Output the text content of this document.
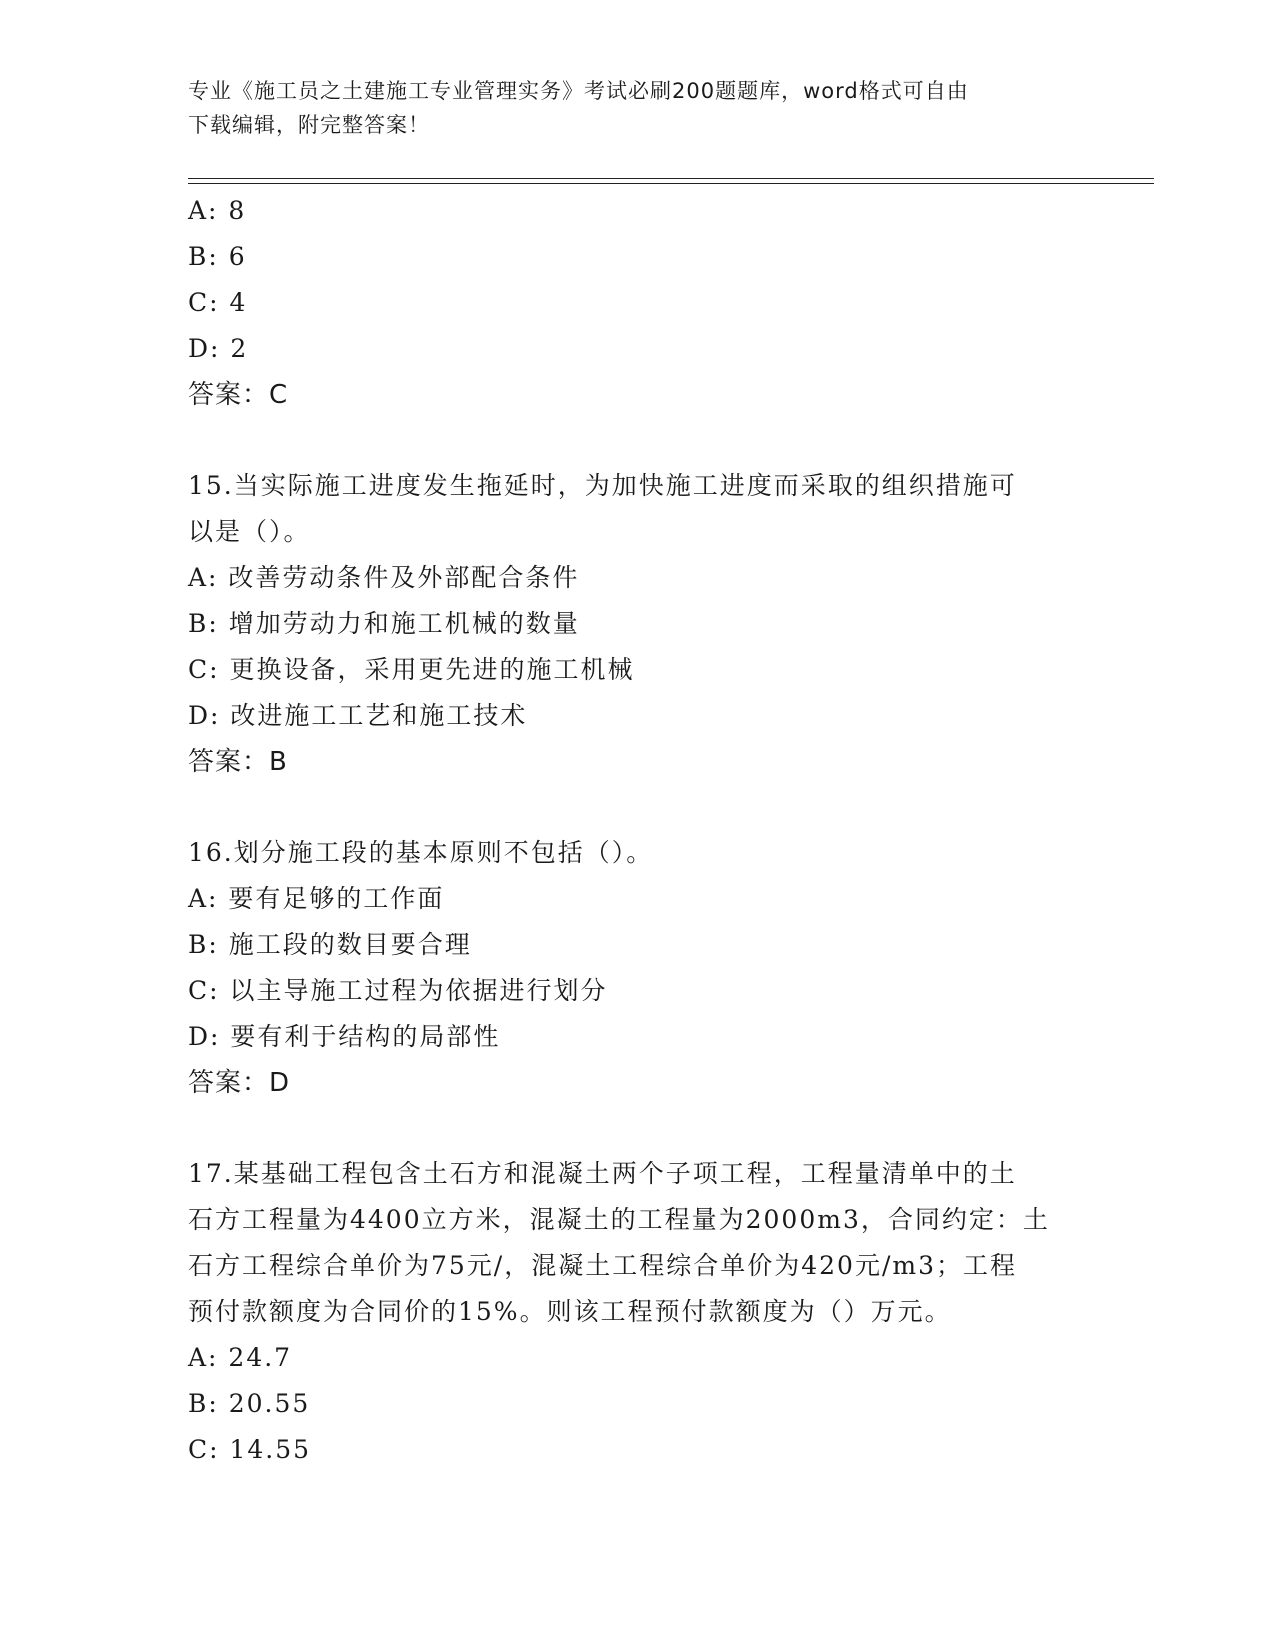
专业《施工员之土建施工专业管理实务》考试必刷200题题库，word格式可自由
下载编辑，附完整答案！
A: 8
B: 6
C: 4
D: 2
答案：C
15.当实际施工进度发生拖延时，为加快施工进度而采取的组织措施可
以是（）。
A: 改善劳动条件及外部配合条件
B: 增加劳动力和施工机械的数量
C: 更换设备，采用更先进的施工机械
D: 改进施工工艺和施工技术
答案：B
16.划分施工段的基本原则不包括（）。
A: 要有足够的工作面
B: 施工段的数目要合理
C: 以主导施工过程为依据进行划分
D: 要有利于结构的局部性
答案：D
17.某基础工程包含土石方和混凝土两个子项工程，工程量清单中的土
石方工程量为4400立方米，混凝土的工程量为2000m3，合同约定：土
石方工程综合单价为75元/，混凝土工程综合单价为420元/m3；工程
预付款额度为合同价的15%。则该工程预付款额度为（）万元。
A: 24.7
B: 20.55
C: 14.55
